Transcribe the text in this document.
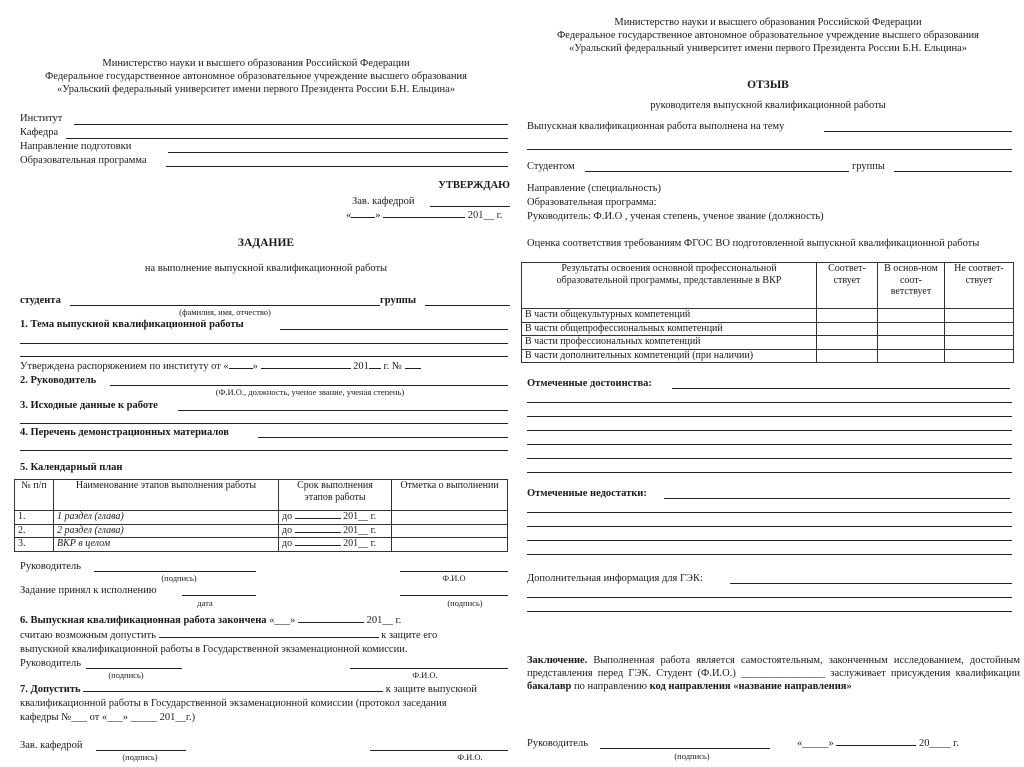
Министерство науки и высшего образования Российской Федерации
Федеральное государственное автономное образовательное учреждение высшего образования
«Уральский федеральный университет имени первого Президента России Б.Н. Ельцина»
Институт
Кафедра
Направление подготовки
Образовательная программа
УТВЕРЖДАЮ
Зав. кафедрой
« »	201__ г.
ЗАДАНИЕ
на выполнение выпускной квалификационной работы
студента	группы
(фамилия, имя, отчество)
1. Тема выпускной квалификационной работы
Утверждена распоряжением по институту от « »	201 г. №
2. Руководитель
(Ф.И.О., должность, ученое звание, ученая степень)
3. Исходные данные к работе
4. Перечень демонстрационных материалов
5. Календарный план
№ п/п	Наименование этапов выполнения работы	Срок выполнения этапов работы	Отметка о выполнении
1.	1 раздел (глава)	до 201__ г.	
2.	2 раздел (глава)	до 201__ г.	
3.	ВКР в целом	до 201__ г.	
Руководитель
(подпись)	Ф.И.О
Задание принял к исполнению
дата	(подпись)
6. Выпускная квалификационная работа закончена «___»	201__ г.
считаю возможным допустить	к защите его
выпускной квалификационной работы в Государственной экзаменационной комиссии.
Руководитель
(подпись)	Ф.И.О.
7. Допустить	к защите выпускной
квалификационной работы в Государственной экзаменационной комиссии (протокол заседания
кафедры №___ от «___» _____ 201__г.)
Зав. кафедрой
(подпись)	Ф.И.О.
Министерство науки и высшего образования Российской Федерации
Федеральное государственное автономное образовательное учреждение высшего образования
«Уральский федеральный университет имени первого Президента России Б.Н. Ельцина»
ОТЗЫВ
руководителя выпускной квалификационной работы
Выпускная квалификационная работа выполнена на тему
Студентом	группы
Направление (специальность)
Образовательная программа:
Руководитель: Ф.И.О , ученая степень, ученое звание (должность)
Оценка соответствия требованиям ФГОС ВО подготовленной выпускной квалификационной работы
Результаты освоения основной профессиональной образовательной программы, представленные в ВКР	Соответ-ствует	В основ-ном соот-ветствует	Не соответ-ствует
В части общекультурных компетенций			
В части общепрофессиональных компетенций			
В части профессиональных компетенций			
В части дополнительных компетенций (при наличии)			
Отмеченные достоинства:
Отмеченные недостатки:
Дополнительная информация для ГЭК:
Заключение. Выполненная работа является самостоятельным, законченным исследованием, достойным представления перед ГЭК. Студент (Ф.И.О.) ________________ заслуживает присуждения квалификации бакалавр по направлению код направления «название направления»
Руководитель	«_____»	20____ г.
(подпись)
